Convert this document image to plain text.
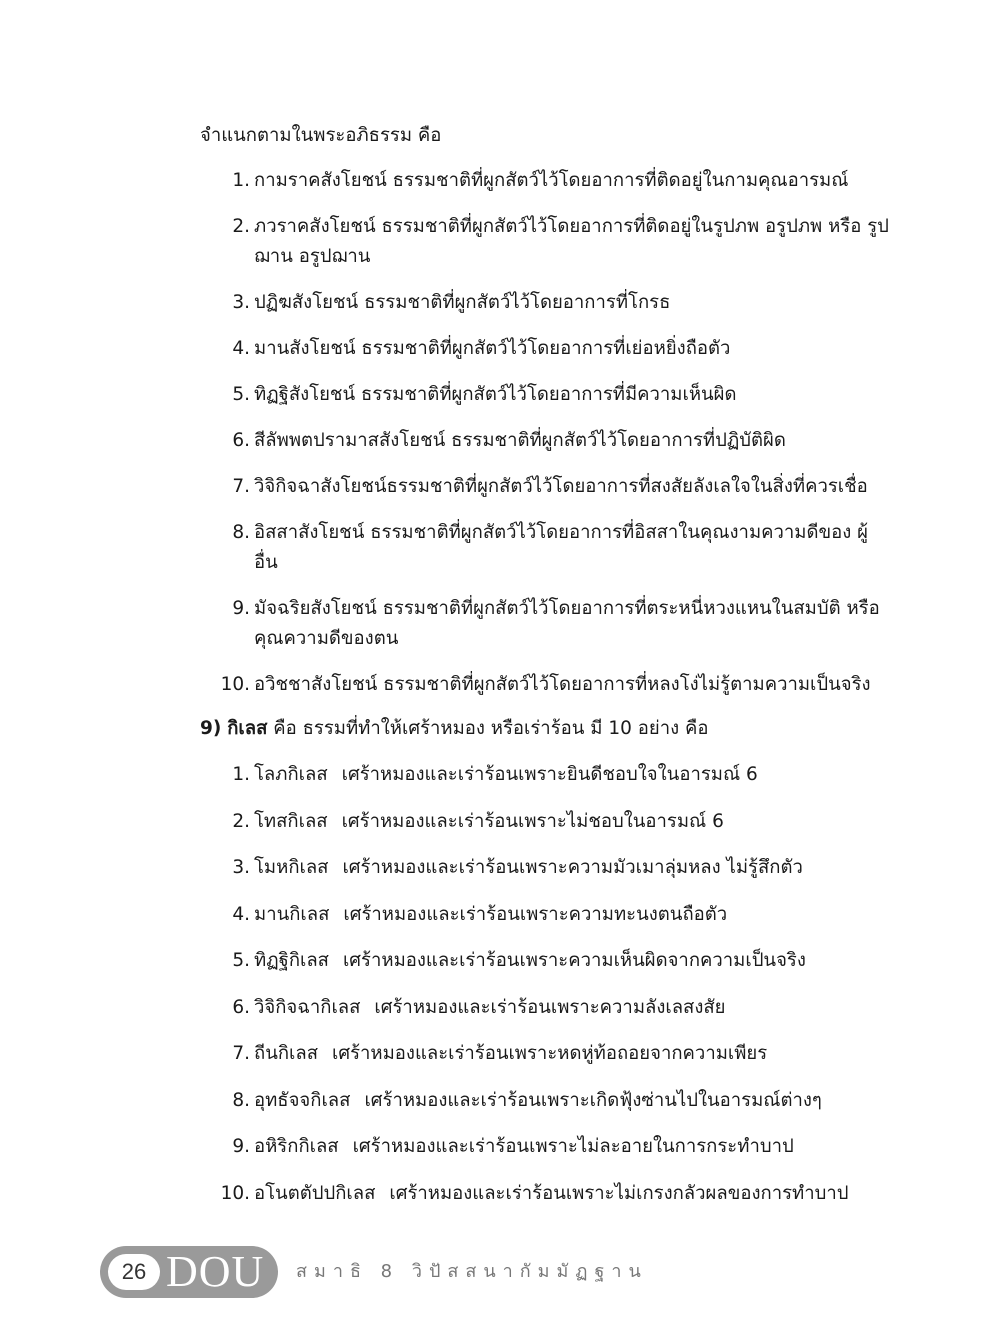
จำแนกตามในพระอภิธรรม คือ

1. กามราคสังโยชน์ ธรรมชาติที่ผูกสัตว์ไว้โดยอาการที่ติดอยู่ในกามคุณอารมณ์
2. ภวราคสังโยชน์ ธรรมชาติที่ผูกสัตว์ไว้โดยอาการที่ติดอยู่ในรูปภพ อรูปภพ หรือ รูปฌาน อรูปฌาน
3. ปฏิฆสังโยชน์ ธรรมชาติที่ผูกสัตว์ไว้โดยอาการที่โกรธ
4. มานสังโยชน์ ธรรมชาติที่ผูกสัตว์ไว้โดยอาการที่เย่อหยิ่งถือตัว
5. ทิฏฐิสังโยชน์ ธรรมชาติที่ผูกสัตว์ไว้โดยอาการที่มีความเห็นผิด
6. สีลัพพตปรามาสสังโยชน์ ธรรมชาติที่ผูกสัตว์ไว้โดยอาการที่ปฏิบัติผิด
7. วิจิกิจฉาสังโยชน์ธรรมชาติที่ผูกสัตว์ไว้โดยอาการที่สงสัยลังเลใจในสิ่งที่ควรเชื่อ
8. อิสสาสังโยชน์ ธรรมชาติที่ผูกสัตว์ไว้โดยอาการที่อิสสาในคุณงามความดีของ ผู้อื่น
9. มัจฉริยสังโยชน์ ธรรมชาติที่ผูกสัตว์ไว้โดยอาการที่ตระหนี่หวงแหนในสมบัติ หรือคุณความดีของตน
10. อวิชชาสังโยชน์ ธรรมชาติที่ผูกสัตว์ไว้โดยอาการที่หลงโง่ไม่รู้ตามความเป็นจริง

9) กิเลส คือ ธรรมที่ทำให้เศร้าหมอง หรือเร่าร้อน มี 10 อย่าง คือ

1. โลภกิเลส เศร้าหมองและเร่าร้อนเพราะยินดีชอบใจในอารมณ์ 6
2. โทสกิเลส เศร้าหมองและเร่าร้อนเพราะไม่ชอบในอารมณ์ 6
3. โมหกิเลส เศร้าหมองและเร่าร้อนเพราะความมัวเมาลุ่มหลง ไม่รู้สึกตัว
4. มานกิเลส เศร้าหมองและเร่าร้อนเพราะความทะนงตนถือตัว
5. ทิฏฐิกิเลส เศร้าหมองและเร่าร้อนเพราะความเห็นผิดจากความเป็นจริง
6. วิจิกิจฉากิเลส เศร้าหมองและเร่าร้อนเพราะความลังเลสงสัย
7. ถีนกิเลส เศร้าหมองและเร่าร้อนเพราะหดหู่ท้อถอยจากความเพียร
8. อุทธัจจกิเลส เศร้าหมองและเร่าร้อนเพราะเกิดฟุ้งซ่านไปในอารมณ์ต่างๆ
9. อหิริกกิเลส เศร้าหมองและเร่าร้อนเพราะไม่ละอายในการกระทำบาป
10. อโนตตัปปกิเลส เศร้าหมองและเร่าร้อนเพราะไม่เกรงกลัวผลของการทำบาป
26 DOU สมาธิ 8 วิปัสสนากัมมัฏฐาน
